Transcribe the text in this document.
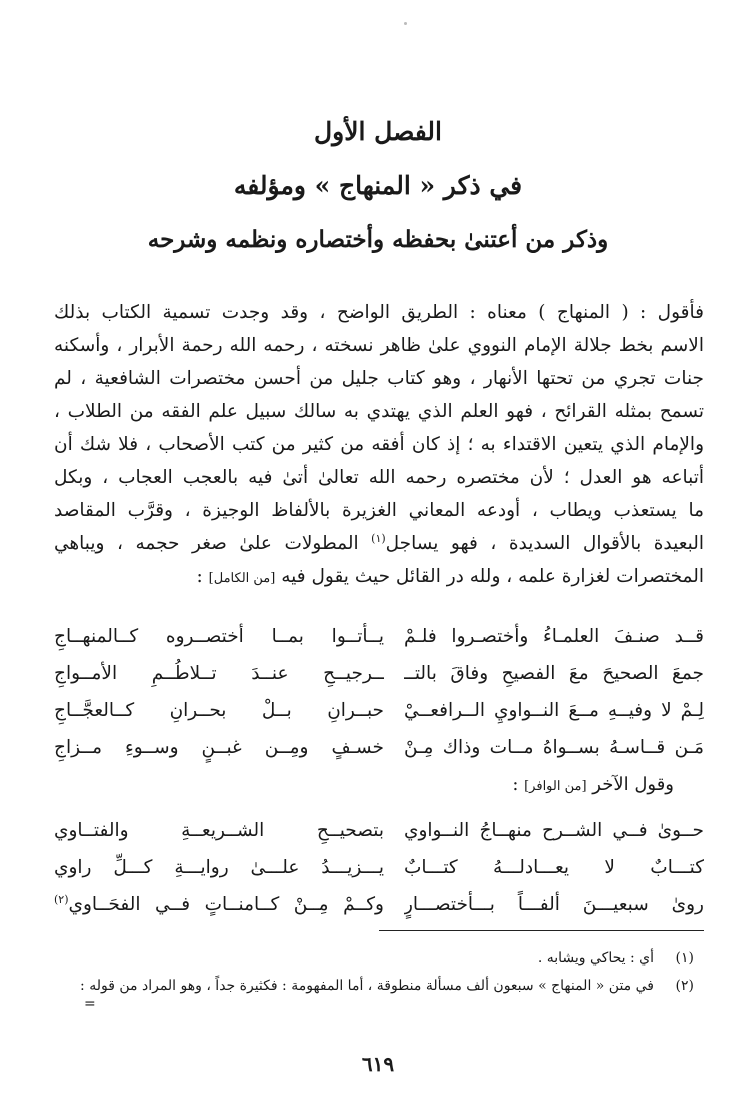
الفصل الأول
في ذكر « المنهاج » ومؤلفه
وذكر من أعتنىٰ بحفظه وأختصاره ونظمه وشرحه
فأقول : ( المنهاج ) معناه : الطريق الواضح ، وقد وجدت تسمية الكتاب بذلك
الاسم بخط جلالة الإمام النووي علىٰ ظاهر نسخته ، رحمه الله رحمة الأبرار ، وأسكنه
جنات تجري من تحتها الأنهار ، وهو كتاب جليل من أحسن مختصرات الشافعية ، لم
تسمح بمثله القرائح ، فهو العلم الذي يهتدي به سالك سبيل علم الفقه من الطلاب ،
والإمام الذي يتعين الاقتداء به ؛ إذ كان أفقه من كثير من كتب الأصحاب ، فلا شك أن
أتباعه هو العدل ؛ لأن مختصره رحمه الله تعالىٰ أتىٰ فيه بالعجب العجاب ، وبكل
ما يستعذب ويطاب ، أودعه المعاني الغزيرة بالألفاظ الوجيزة ، وقرَّب المقاصد
البعيدة بالأقوال السديدة ، فهو يساجل$^{(١)}$ المطولات علىٰ صغر حجمه ، ويباهي
المختصرات لغزارة علمه ، ولله در القائل حيث يقول فيه [من الكامل] :
قــد صنـفَ العلمـاءُ وأختصـروا فلـمْ
يــأتــوا بمــا أختصــروه كــالمنهــاجِ
جمعَ الصحيحَ معَ الفصيحِ وفاقَ بالتــ
ــرجيــحِ عنــدَ تــلاطُــمِ الأمــواجِ
لِـمْ لا وفيــهِ مــعَ النــواويِ الــرافعــيْ
حبــرانِ بــلْ بحــرانِ كــالعجَّــاجِ
مَـن قــاسـهُ بســواهُ مــات وذاك مِـنْ
خسـفٍ ومِــن غبــنٍ وســوءِ مــزاجِ
وقول الآخر [من الوافر] :
حــوىٰ فــي الشــرح منهــاجُ النــواوي
بتصحيــحِ الشــريعــةِ والفتــاوي
كتـــابٌ لا يعـــادلـــهُ كتـــابٌ
يـــزيـــدُ علـــىٰ روايـــةِ كـــلِّ راوي
روىٰ سبعيـــنَ ألفـــاً بـــأختصـــارٍ
وكــمْ مِــنْ كــامنــاتٍ فــي الفحَــاوي$^{(٢)}$
(١)أي : يحاكي ويشابه .
(٢)في متن « المنهاج » سبعون ألف مسألة منطوقة ، أما المفهومة : فكثيرة جداً ، وهو المراد من قوله :
=
٦١٩
